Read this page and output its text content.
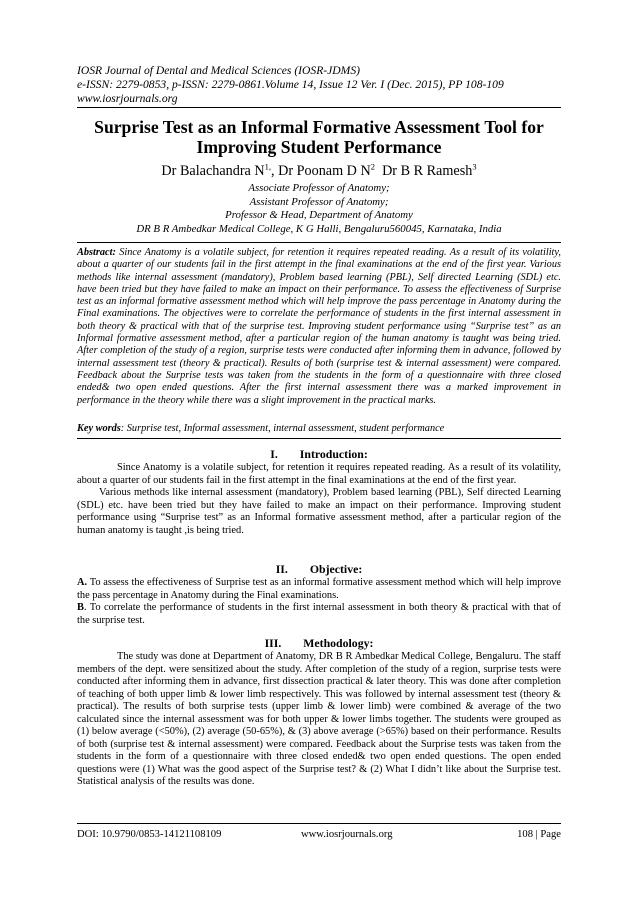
IOSR Journal of Dental and Medical Sciences (IOSR-JDMS)
e-ISSN: 2279-0853, p-ISSN: 2279-0861.Volume 14, Issue 12 Ver. I (Dec. 2015), PP 108-109
www.iosrjournals.org
Surprise Test as an Informal Formative Assessment Tool for
Improving Student Performance
Dr Balachandra $N^{1,}$, Dr Poonam D $N^2$ Dr B R Ramesh$^3$
Associate Professor of Anatomy;
Assistant Professor of Anatomy;
Professor & Head, Department of Anatomy
DR B R Ambedkar Medical College, K G Halli, Bengaluru560045, Karnataka, India
Abstract: Since Anatomy is a volatile subject, for retention it requires repeated reading. As a result of its volatility, about a quarter of our students fail in the first attempt in the final examinations at the end of the first year. Various methods like internal assessment (mandatory), Problem based learning (PBL), Self directed Learning (SDL) etc. have been tried but they have failed to make an impact on their performance. To assess the effectiveness of Surprise test as an informal formative assessment method which will help improve the pass percentage in Anatomy during the Final examinations. The objectives were to correlate the performance of students in the first internal assessment in both theory & practical with that of the surprise test. Improving student performance using “Surprise test” as an Informal formative assessment method, after a particular region of the human anatomy is taught was being tried. After completion of the study of a region, surprise tests were conducted after informing them in advance, followed by internal assessment test (theory & practical). Results of both (surprise test & internal assessment) were compared. Feedback about the Surprise tests was taken from the students in the form of a questionnaire with three closed ended& two open ended questions. After the first internal assessment there was a marked improvement in performance in the theory while there was a slight improvement in the practical marks.
Key words: Surprise test, Informal assessment, internal assessment, student performance
I. Introduction:

Since Anatomy is a volatile subject, for retention it requires repeated reading. As a result of its volatility, about a quarter of our students fail in the first attempt in the final examinations at the end of the first year.

Various methods like internal assessment (mandatory), Problem based learning (PBL), Self directed Learning (SDL) etc. have been tried but they have failed to make an impact on their performance. Improving student performance using “Surprise test” as an Informal formative assessment method, after a particular region of the human anatomy is taught ,is being tried.

II. Objective:

A. To assess the effectiveness of Surprise test as an informal formative assessment method which will help improve the pass percentage in Anatomy during the Final examinations.

B. To correlate the performance of students in the first internal assessment in both theory & practical with that of the surprise test.

III. Methodology:

The study was done at Department of Anatomy, DR B R Ambedkar Medical College, Bengaluru. The staff members of the dept. were sensitized about the study. After completion of the study of a region, surprise tests were conducted after informing them in advance, first dissection practical & later theory. This was done after completion of teaching of both upper limb & lower limb respectively. This was followed by internal assessment test (theory & practical). The results of both surprise tests (upper limb & lower limb) were combined & average of the two calculated since the internal assessment was for both upper & lower limbs together. The students were grouped as (1) below average (<50%), (2) average (50-65%), & (3) above average (>65%) based on their performance. Results of both (surprise test & internal assessment) were compared. Feedback about the Surprise tests was taken from the students in the form of a questionnaire with three closed ended& two open ended questions. The open ended questions were (1) What was the good aspect of the Surprise test? & (2) What I didn’t like about the Surprise test. Statistical analysis of the results was done.

DOI: 10.9790/0853-14121108109	www.iosrjournals.org	108 | Page
